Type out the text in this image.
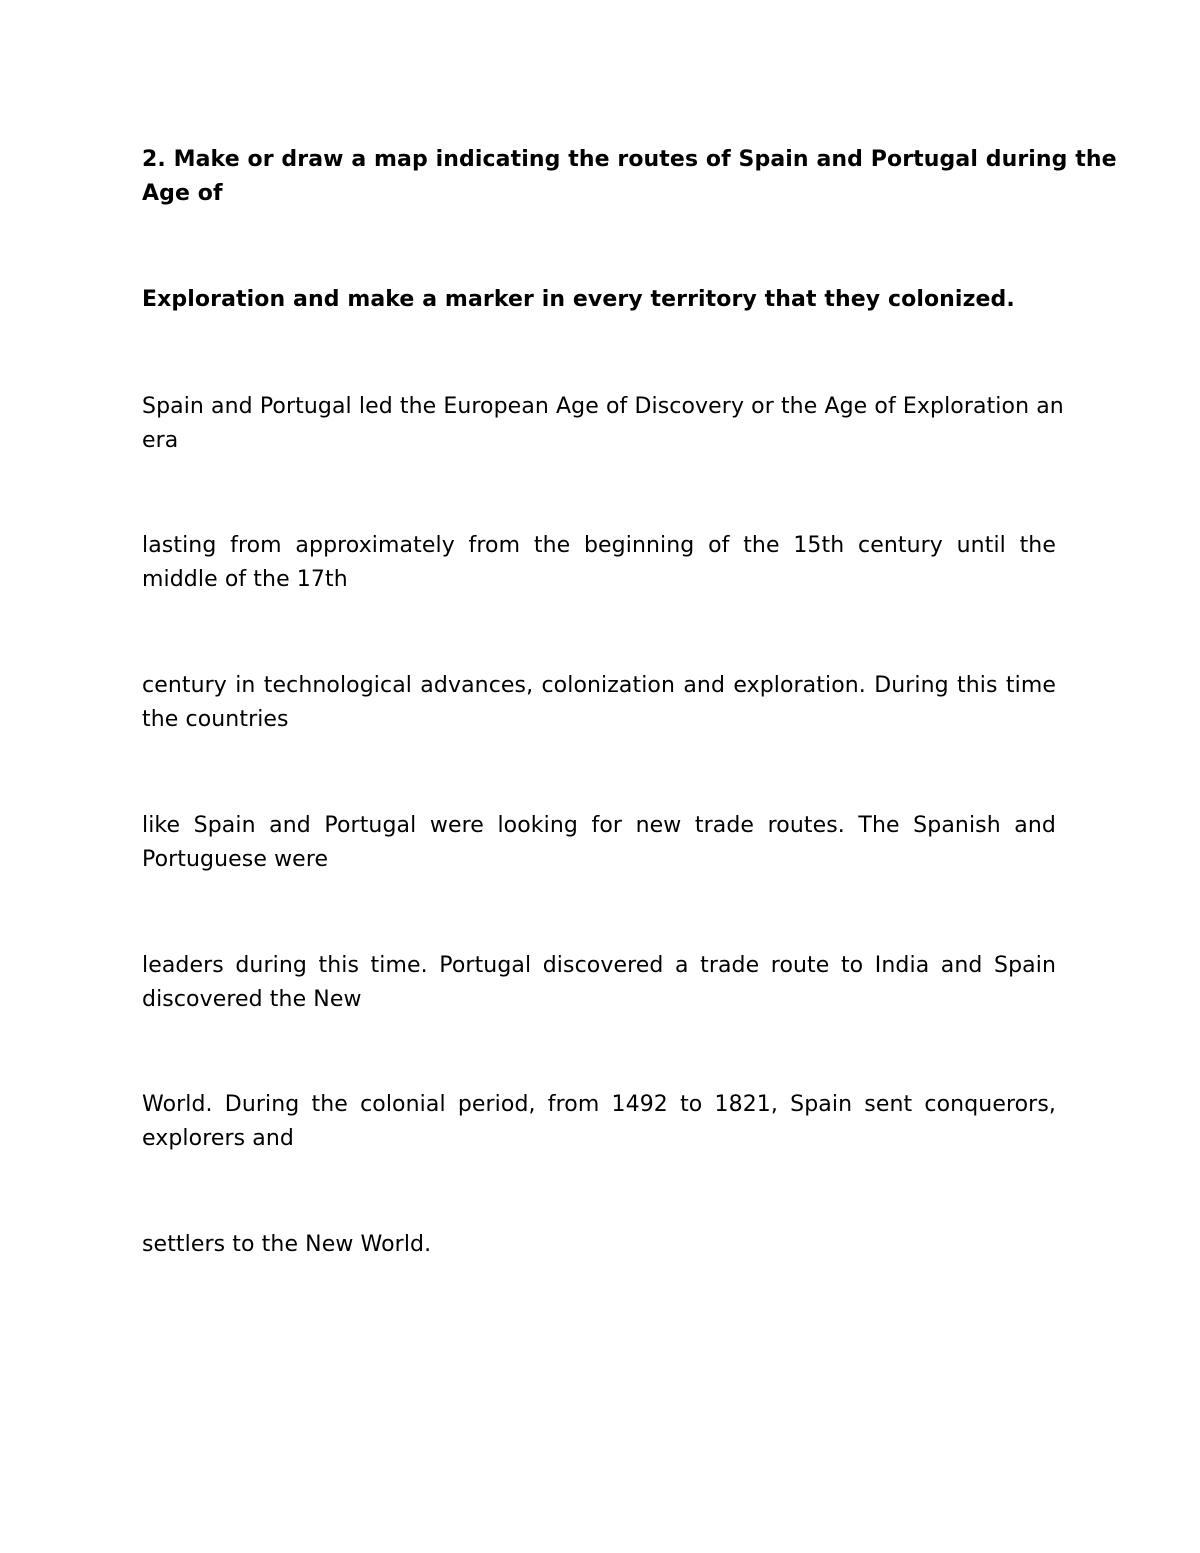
2. Make or draw a map indicating the routes of Spain and Portugal during the
Age of

Exploration and make a marker in every territory that they colonized.

Spain and Portugal led the European Age of Discovery or the Age of Exploration an
era

lasting from approximately from the beginning of the 15th century until the
middle of the 17th

century in technological advances, colonization and exploration. During this time
the countries

like Spain and Portugal were looking for new trade routes. The Spanish and
Portuguese were

leaders during this time. Portugal discovered a trade route to India and Spain
discovered the New

World. During the colonial period, from 1492 to 1821, Spain sent conquerors,
explorers and

settlers to the New World.
